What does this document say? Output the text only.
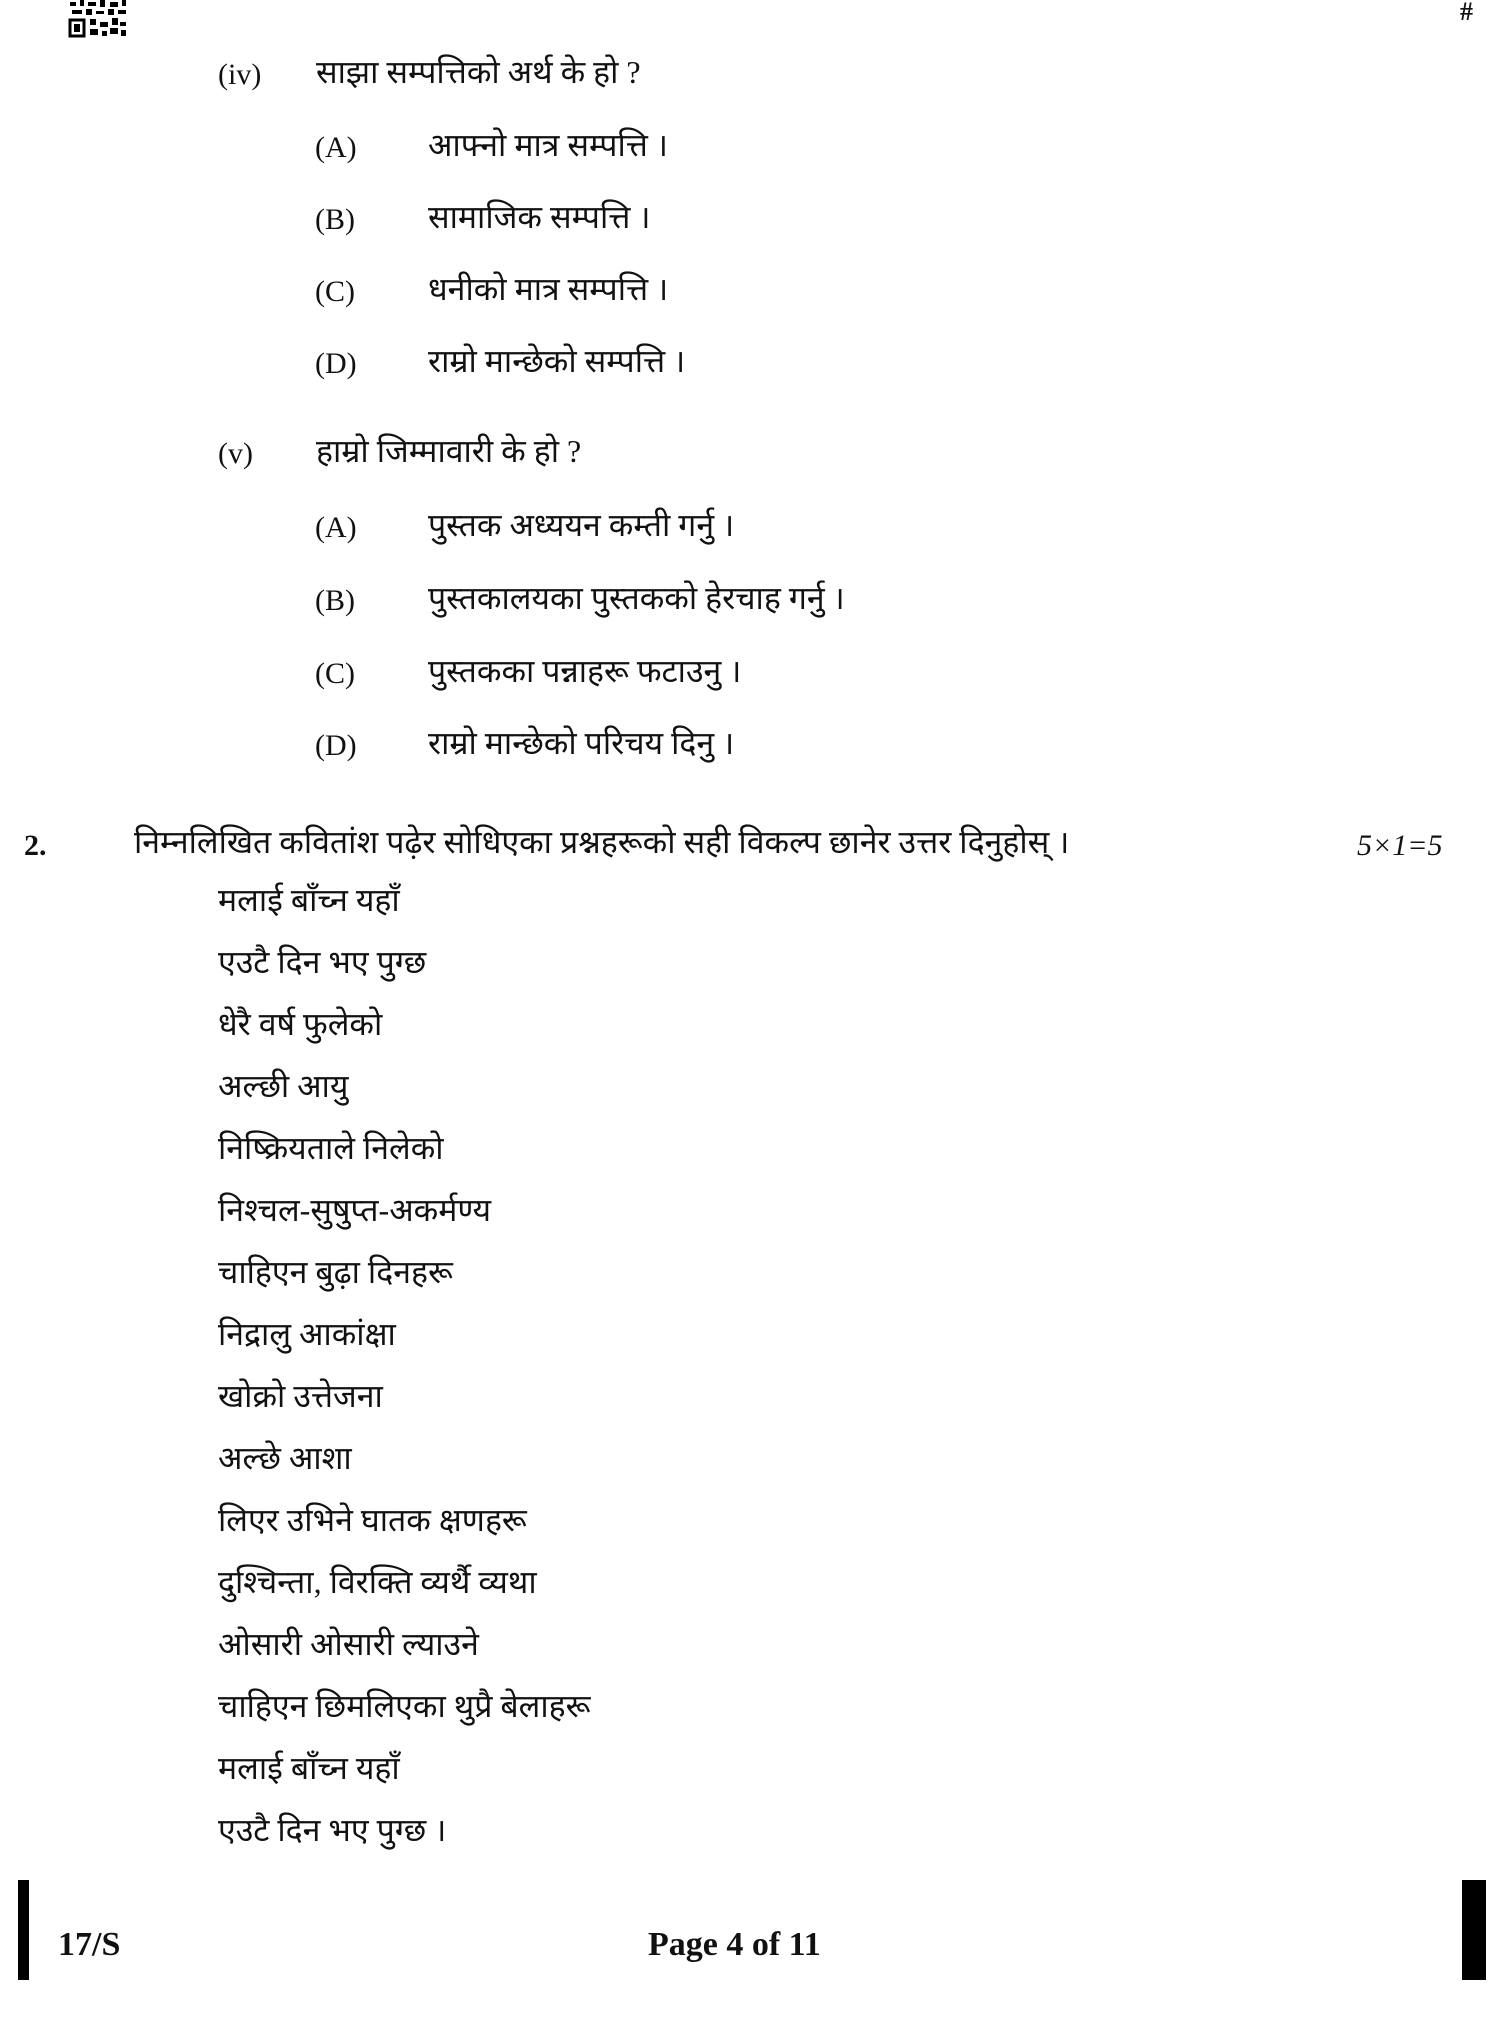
#
(iv) साझा सम्पत्तिको अर्थ के हो ?
(A) आफ्नो मात्र सम्पत्ति ।
(B) सामाजिक सम्पत्ति ।
(C) धनीको मात्र सम्पत्ति ।
(D) राम्रो मान्छेको सम्पत्ति ।
(v) हाम्रो जिम्मावारी के हो ?
(A) पुस्तक अध्ययन कम्ती गर्नु ।
(B) पुस्तकालयका पुस्तकको हेरचाह गर्नु ।
(C) पुस्तकका पन्नाहरू फटाउनु ।
(D) राम्रो मान्छेको परिचय दिनु ।
2.	निम्नलिखित कवितांश पढ़ेर सोधिएका प्रश्नहरूको सही विकल्प छानेर उत्तर दिनुहोस् ।	5×1=5
मलाई बाँच्न यहाँ
एउटै दिन भए पुग्छ
धेरै वर्ष फुलेको
अल्छी आयु
निष्क्रियताले निलेको
निश्चल-सुषुप्त-अकर्मण्य
चाहिएन बुढ़ा दिनहरू
निद्रालु आकांक्षा
खोक्रो उत्तेजना
अल्छे आशा
लिएर उभिने घातक क्षणहरू
दुश्चिन्ता, विरक्ति व्यर्थै व्यथा
ओसारी ओसारी ल्याउने
चाहिएन छिमलिएका थुप्रै बेलाहरू
मलाई बाँच्न यहाँ
एउटै दिन भए पुग्छ ।
17/S	Page 4 of 11
